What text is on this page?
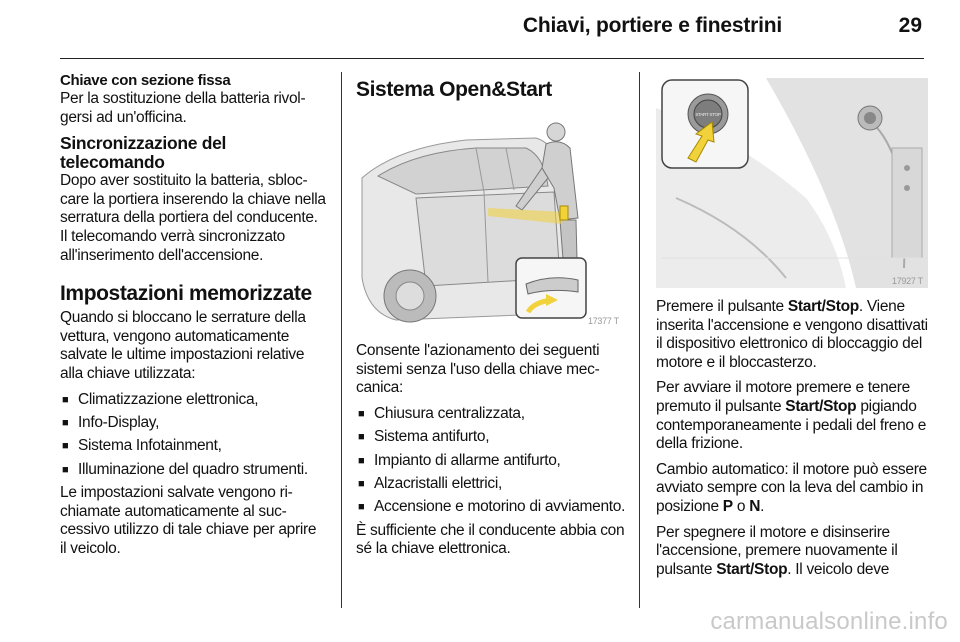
Chiavi, portiere e finestrini	29
Chiave con sezione fissa
Per la sostituzione della batteria rivolgersi ad un'officina.
Sincronizzazione del telecomando
Dopo aver sostituito la batteria, sbloccare la portiera inserendo la chiave nella serratura della portiera del conducente. Il telecomando verrà sincronizzato all'inserimento dell'accensione.
Impostazioni memorizzate
Quando si bloccano le serrature della vettura, vengono automaticamente salvate le ultime impostazioni relative alla chiave utilizzata:
■ Climatizzazione elettronica,
■ Info-Display,
■ Sistema Infotainment,
■ Illuminazione del quadro strumenti.
Le impostazioni salvate vengono richiamate automaticamente al successivo utilizzo di tale chiave per aprire il veicolo.
Sistema Open&Start
17377 T
Consente l'azionamento dei seguenti sistemi senza l'uso della chiave meccanica:
■ Chiusura centralizzata,
■ Sistema antifurto,
■ Impianto di allarme antifurto,
■ Alzacristalli elettrici,
■ Accensione e motorino di avviamento.
È sufficiente che il conducente abbia con sé la chiave elettronica.
START STOP
17927 T
Premere il pulsante Start/Stop. Viene inserita l'accensione e vengono disattivati il dispositivo elettronico di bloccaggio del motore e il bloccasterzo.
Per avviare il motore premere e tenere premuto il pulsante Start/Stop pigiando contemporaneamente i pedali del freno e della frizione.
Cambio automatico: il motore può essere avviato sempre con la leva del cambio in posizione P o N.
Per spegnere il motore e disinserire l'accensione, premere nuovamente il pulsante Start/Stop. Il veicolo deve
carmanualsonline.info
